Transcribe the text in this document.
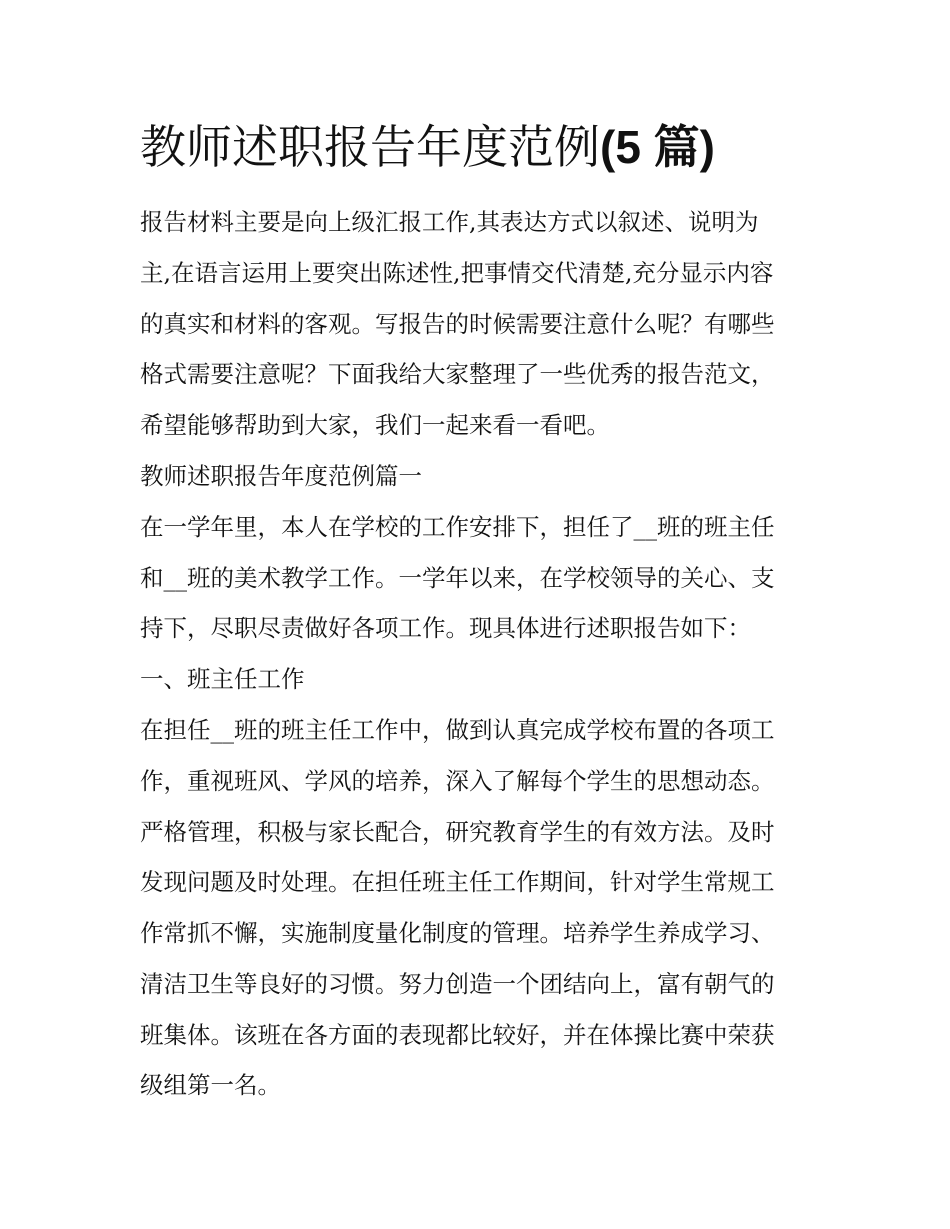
教师述职报告年度范例(5 篇)

报告材料主要是向上级汇报工作,其表达方式以叙述、说明为

主,在语言运用上要突出陈述性,把事情交代清楚,充分显示内容

的真实和材料的客观。写报告的时候需要注意什么呢？有哪些

格式需要注意呢？下面我给大家整理了一些优秀的报告范文，

希望能够帮助到大家，我们一起来看一看吧。

教师述职报告年度范例篇一

在一学年里，本人在学校的工作安排下，担任了__班的班主任

和__班的美术教学工作。一学年以来，在学校领导的关心、支

持下，尽职尽责做好各项工作。现具体进行述职报告如下：

一、班主任工作

在担任__班的班主任工作中，做到认真完成学校布置的各项工

作，重视班风、学风的培养，深入了解每个学生的思想动态。

严格管理，积极与家长配合，研究教育学生的有效方法。及时

发现问题及时处理。在担任班主任工作期间，针对学生常规工

作常抓不懈，实施制度量化制度的管理。培养学生养成学习、

清洁卫生等良好的习惯。努力创造一个团结向上，富有朝气的

班集体。该班在各方面的表现都比较好，并在体操比赛中荣获

级组第一名。
